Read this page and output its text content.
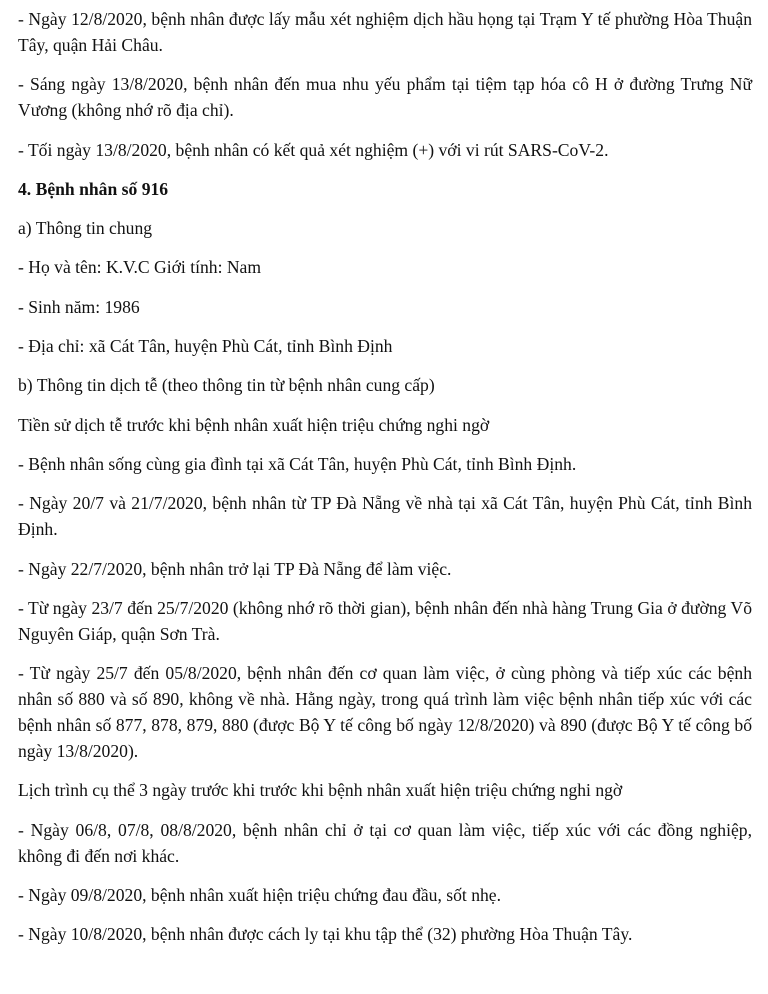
- Ngày 12/8/2020, bệnh nhân được lấy mẫu xét nghiệm dịch hầu họng tại Trạm Y tế phường Hòa Thuận Tây, quận Hải Châu.

- Sáng ngày 13/8/2020, bệnh nhân đến mua nhu yếu phẩm tại tiệm tạp hóa cô H ở đường Trưng Nữ Vương (không nhớ rõ địa chỉ).

- Tối ngày 13/8/2020, bệnh nhân có kết quả xét nghiệm (+) với vi rút SARS-CoV-2.

4. Bệnh nhân số 916

a) Thông tin chung

- Họ và tên: K.V.C Giới tính: Nam

- Sinh năm: 1986

- Địa chỉ: xã Cát Tân, huyện Phù Cát, tỉnh Bình Định

b) Thông tin dịch tễ (theo thông tin từ bệnh nhân cung cấp)

Tiền sử dịch tễ trước khi bệnh nhân xuất hiện triệu chứng nghi ngờ

- Bệnh nhân sống cùng gia đình tại xã Cát Tân, huyện Phù Cát, tỉnh Bình Định.

- Ngày 20/7 và 21/7/2020, bệnh nhân từ TP Đà Nẵng về nhà tại xã Cát Tân, huyện Phù Cát, tỉnh Bình Định.

- Ngày 22/7/2020, bệnh nhân trở lại TP Đà Nẵng để làm việc.

- Từ ngày 23/7 đến 25/7/2020 (không nhớ rõ thời gian), bệnh nhân đến nhà hàng Trung Gia ở đường Võ Nguyên Giáp, quận Sơn Trà.

- Từ ngày 25/7 đến 05/8/2020, bệnh nhân đến cơ quan làm việc, ở cùng phòng và tiếp xúc các bệnh nhân số 880 và số 890, không về nhà. Hằng ngày, trong quá trình làm việc bệnh nhân tiếp xúc với các bệnh nhân số 877, 878, 879, 880 (được Bộ Y tế công bố ngày 12/8/2020) và 890 (được Bộ Y tế công bố ngày 13/8/2020).

Lịch trình cụ thể 3 ngày trước khi trước khi bệnh nhân xuất hiện triệu chứng nghi ngờ

- Ngày 06/8, 07/8, 08/8/2020, bệnh nhân chỉ ở tại cơ quan làm việc, tiếp xúc với các đồng nghiệp, không đi đến nơi khác.

- Ngày 09/8/2020, bệnh nhân xuất hiện triệu chứng đau đầu, sốt nhẹ.

- Ngày 10/8/2020, bệnh nhân được cách ly tại khu tập thể (32) phường Hòa Thuận Tây.
